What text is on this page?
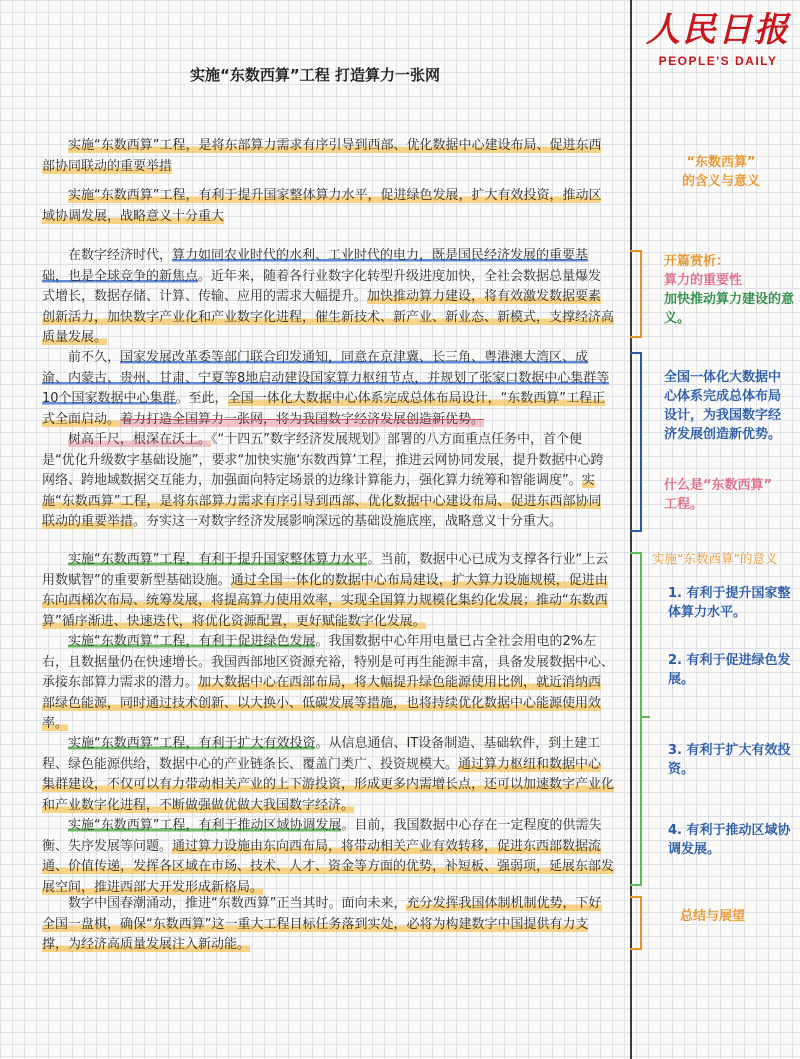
人民日报
PEOPLE'S DAILY
实施“东数西算”工程 打造算力一张网

实施“东数西算”工程，是将东部算力需求有序引导到西部、优化数据中心建设布局、促进东西部协同联动的重要举措

实施“东数西算”工程，有利于提升国家整体算力水平，促进绿色发展，扩大有效投资，推动区域协调发展，战略意义十分重大

在数字经济时代，算力如同农业时代的水利、工业时代的电力，既是国民经济发展的重要基础，也是全球竞争的新焦点。近年来，随着各行业数字化转型升级进度加快，全社会数据总量爆发式增长，数据存储、计算、传输、应用的需求大幅提升。加快推动算力建设，将有效激发数据要素创新活力，加快数字产业化和产业数字化进程，催生新技术、新产业、新业态、新模式，支撑经济高质量发展。

前不久，国家发展改革委等部门联合印发通知，同意在京津冀、长三角、粤港澳大湾区、成渝、内蒙古、贵州、甘肃、宁夏等8地启动建设国家算力枢纽节点，并规划了张家口数据中心集群等10个国家数据中心集群。至此，全国一体化大数据中心体系完成总体布局设计，“东数西算”工程正式全面启动。着力打造全国算力一张网，将为我国数字经济发展创造新优势。

树高千尺，根深在沃土。《“十四五”数字经济发展规划》部署的八方面重点任务中，首个便是“优化升级数字基础设施”，要求“加快实施‘东数西算’工程，推进云网协同发展，提升数据中心跨网络、跨地域数据交互能力，加强面向特定场景的边缘计算能力，强化算力统筹和智能调度”。实施“东数西算”工程，是将东部算力需求有序引导到西部、优化数据中心建设布局、促进东西部协同联动的重要举措。夯实这一对数字经济发展影响深远的基础设施底座，战略意义十分重大。

实施“东数西算”工程，有利于提升国家整体算力水平。当前，数据中心已成为支撑各行业“上云用数赋智”的重要新型基础设施。通过全国一体化的数据中心布局建设，扩大算力设施规模，促进由东向西梯次布局、统筹发展，将提高算力使用效率，实现全国算力规模化集约化发展；推动“东数西算”循序渐进、快速迭代，将优化资源配置，更好赋能数字化发展。

实施“东数西算”工程，有利于促进绿色发展。我国数据中心年用电量已占全社会用电的2%左右，且数据量仍在快速增长。我国西部地区资源充裕，特别是可再生能源丰富，具备发展数据中心、承接东部算力需求的潜力。加大数据中心在西部布局，将大幅提升绿色能源使用比例，就近消纳西部绿色能源，同时通过技术创新、以大换小、低碳发展等措施，也将持续优化数据中心能源使用效率。

实施“东数西算”工程，有利于扩大有效投资。从信息通信、IT设备制造、基础软件，到土建工程、绿色能源供给，数据中心的产业链条长、覆盖门类广、投资规模大。通过算力枢纽和数据中心集群建设，不仅可以有力带动相关产业的上下游投资，形成更多内需增长点，还可以加速数字产业化和产业数字化进程，不断做强做优做大我国数字经济。

实施“东数西算”工程，有利于推动区域协调发展。目前，我国数据中心存在一定程度的供需失衡、失序发展等问题。通过算力设施由东向西布局，将带动相关产业有效转移，促进东西部数据流通、价值传递，发挥各区域在市场、技术、人才、资金等方面的优势，补短板、强弱项，延展东部发展空间，推进西部大开发形成新格局。

数字中国春潮涌动，推进“东数西算”正当其时。面向未来，充分发挥我国体制机制优势，下好全国一盘棋，确保“东数西算”这一重大工程目标任务落到实处，必将为构建数字中国提供有力支撑，为经济高质量发展注入新动能。

“东数西算”
的含义与意义
开篇赏析：
算力的重要性
加快推动算力建设的意义。
全国一体化大数据中心体系完成总体布局设计，为我国数字经济发展创造新优势。
什么是“东数西算”
工程。
实施“东数西算”的意义
1. 有利于提升国家整体算力水平。
2. 有利于促进绿色发展。
3. 有利于扩大有效投资。
4. 有利于推动区域协调发展。
总结与展望
